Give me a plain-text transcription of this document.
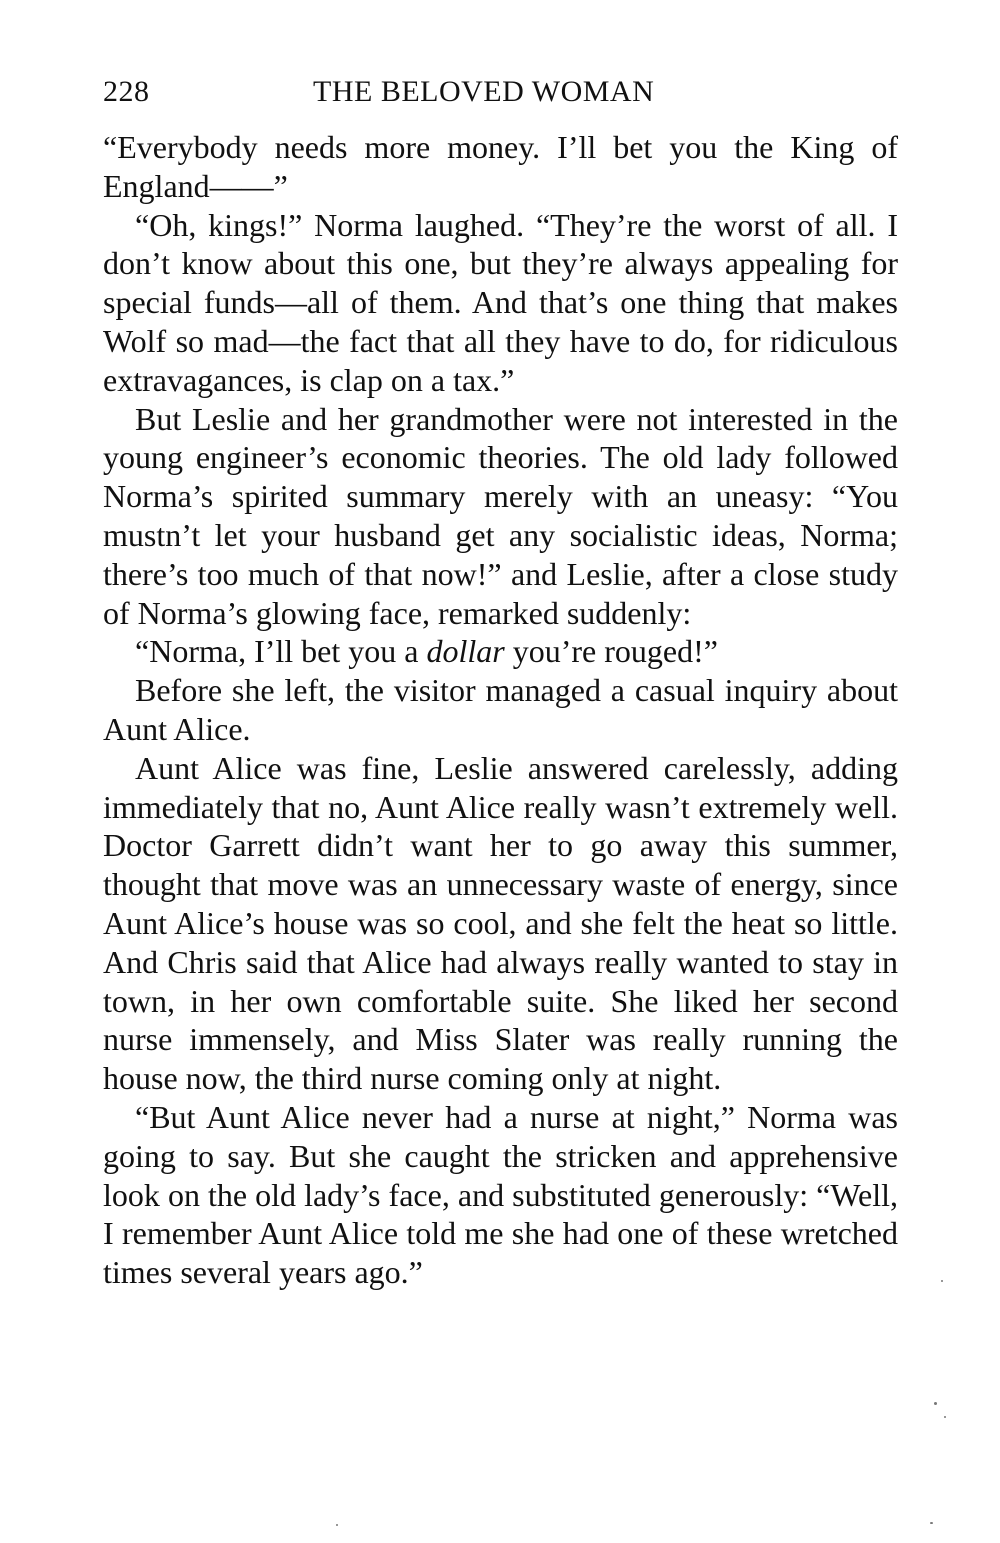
228	THE BELOVED WOMAN

“Everybody needs more money. I’ll bet you the King of England——”

“Oh, kings!” Norma laughed. “They’re the worst of all. I don’t know about this one, but they’re always appealing for special funds—all of them. And that’s one thing that makes Wolf so mad—the fact that all they have to do, for ridiculous extravagances, is clap on a tax.”

But Leslie and her grandmother were not interested in the young engineer’s economic theories. The old lady followed Norma’s spirited summary merely with an uneasy: “You mustn’t let your husband get any socialistic ideas, Norma; there’s too much of that now!” and Leslie, after a close study of Norma’s glowing face, remarked suddenly:

“Norma, I’ll bet you a dollar you’re rouged!”

Before she left, the visitor managed a casual inquiry about Aunt Alice.

Aunt Alice was fine, Leslie answered carelessly, adding immediately that no, Aunt Alice really wasn’t extremely well. Doctor Garrett didn’t want her to go away this summer, thought that move was an unnecessary waste of energy, since Aunt Alice’s house was so cool, and she felt the heat so little. And Chris said that Alice had always really wanted to stay in town, in her own comfortable suite. She liked her second nurse immensely, and Miss Slater was really running the house now, the third nurse coming only at night.

“But Aunt Alice never had a nurse at night,” Norma was going to say. But she caught the stricken and apprehensive look on the old lady’s face, and substituted generously: “Well, I remember Aunt Alice told me she had one of these wretched times several years ago.”
